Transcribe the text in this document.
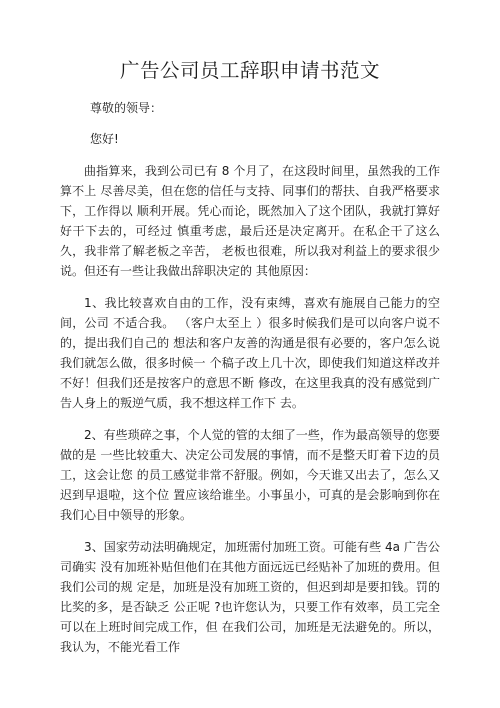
广告公司员工辞职申请书范文

尊敬的领导：

您好!

曲指算来，我到公司已有 8 个月了，在这段时间里，虽然我的工作算不上 尽善尽美，但在您的信任与支持、同事们的帮扶、自我严格要求下，工作得以 顺利开展。凭心而论，既然加入了这个团队，我就打算好好干下去的，可经过 慎重考虑，最后还是决定离开。在私企干了这么久，我非常了解老板之辛苦， 老板也很难，所以我对利益上的要求很少说。但还有一些让我做出辞职决定的 其他原因：

1、我比较喜欢自由的工作，没有束缚，喜欢有施展自己能力的空间，公司 不适合我。 （客户太至上 ）很多时候我们是可以向客户说不的，提出我们自己的 想法和客户友善的沟通是很有必要的，客户怎么说我们就怎么做，很多时候一 个稿子改上几十次，即使我们知道这样改并不好！但我们还是按客户的意思不断 修改，在这里我真的没有感觉到广告人身上的叛逆气质，我不想这样工作下 去。

2、有些琐碎之事，个人觉的管的太细了一些，作为最高领导的您要做的是 一些比较重大、决定公司发展的事情，而不是整天盯着下边的员工，这会让您 的员工感觉非常不舒服。例如，今天谁又出去了，怎么又迟到早退啦，这个位 置应该给谁坐。小事虽小，可真的是会影响到你在我们心目中领导的形象。

3、国家劳动法明确规定，加班需付加班工资。可能有些 4a 广告公司确实 没有加班补贴但他们在其他方面远远已经贴补了加班的费用。但我们公司的规 定是，加班是没有加班工资的，但迟到却是要扣钱。罚的比奖的多，是否缺乏 公正呢 ?也许您认为，只要工作有效率，员工完全可以在上班时间完成工作，但 在我们公司，加班是无法避免的。所以，我认为，不能光看工作
